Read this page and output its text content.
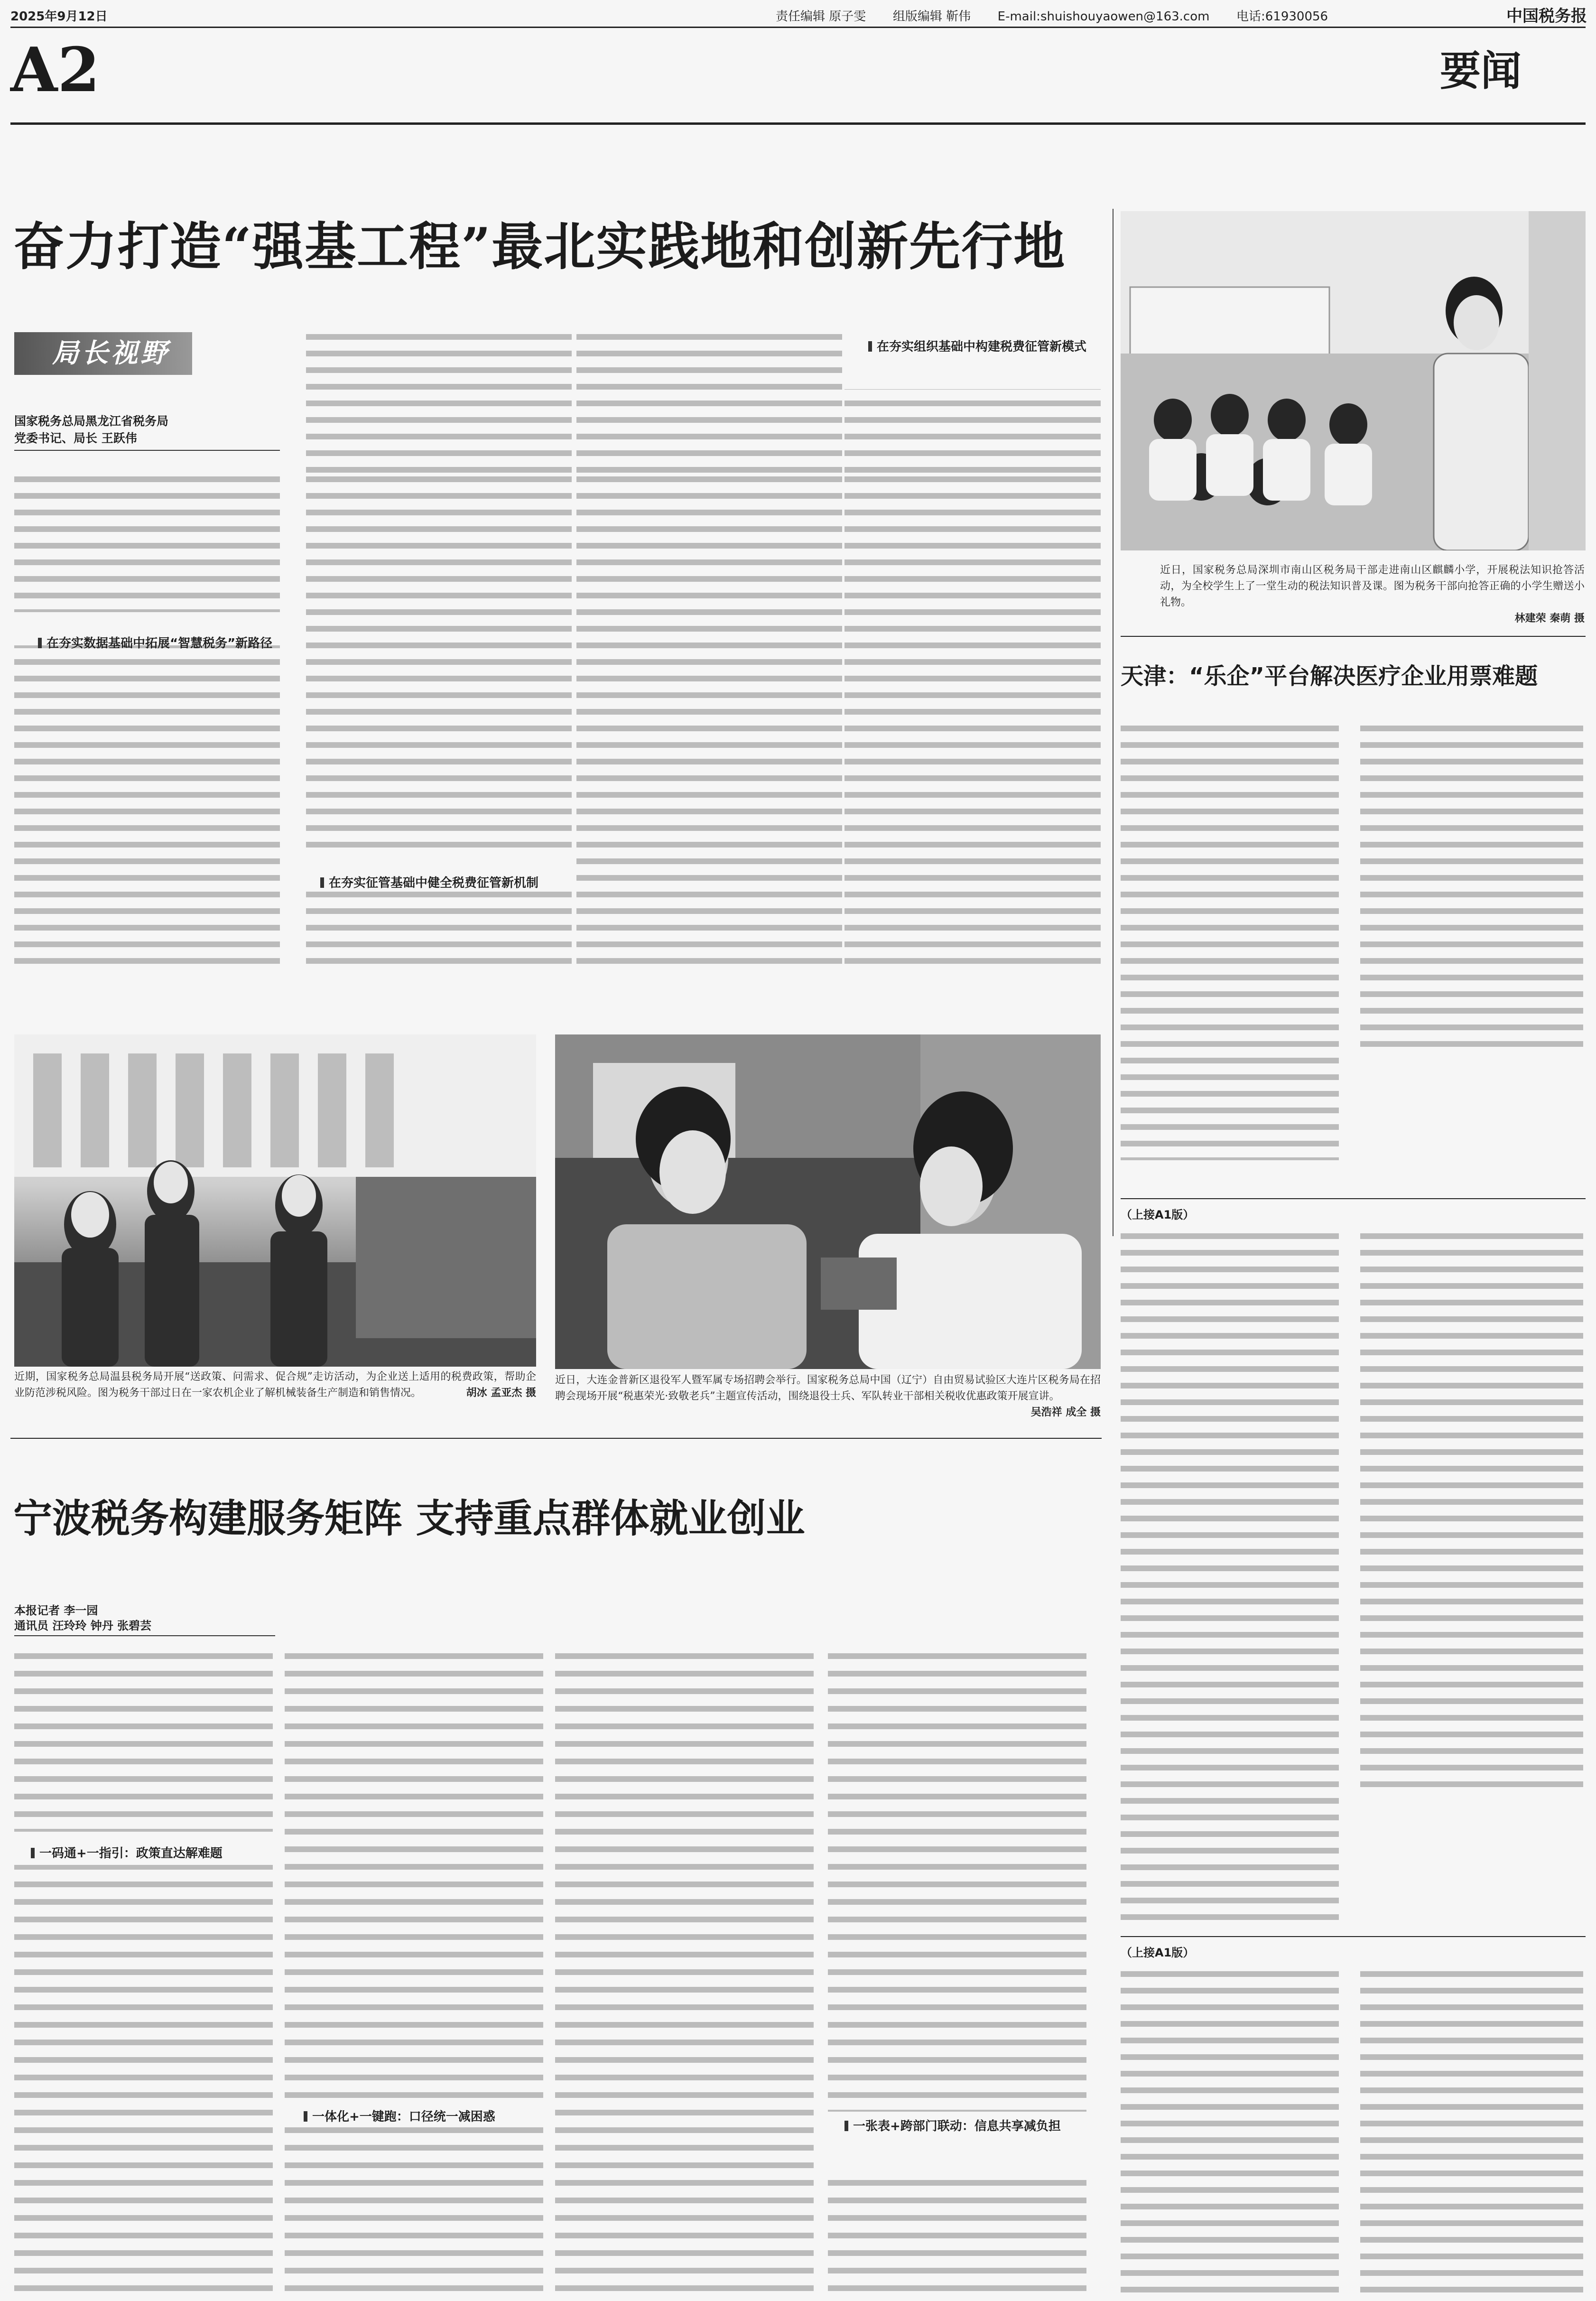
2025年9月12日	责任编辑 原子雯 组版编辑 靳伟 E-mail:shuishouyaowen@163.com 电话:61930056	中国税务报
A2	要闻
奋力打造“强基工程”最北实践地和创新先行地
局长视野
国家税务总局黑龙江省税务局
党委书记、局长 王跃伟
在夯实数据基础中拓展“智慧税务”新路径
在夯实征管基础中健全税费征管新机制
在夯实组织基础中构建税费征管新模式
近期，国家税务总局温县税务局开展“送政策、问需求、促合规”走访活动，为企业送上适用的税费政策，帮助企业防范涉税风险。图为税务干部过日在一家农机企业了解机械装备生产制造和销售情况。	胡冰 孟亚杰 摄
近日，大连金普新区退役军人暨军属专场招聘会举行。国家税务总局中国（辽宁）自由贸易试验区大连片区税务局在招聘会现场开展“税惠荣光·致敬老兵”主题宣传活动，围绕退役士兵、军队转业干部相关税收优惠政策开展宣讲。
吴浩祥 成全 摄
宁波税务构建服务矩阵 支持重点群体就业创业
本报记者 李一园
通讯员 汪玲玲 钟丹 张碧芸
一码通+一指引：政策直达解难题
一体化+一键跑：口径统一减困惑
一张表+跨部门联动：信息共享减负担
近日，国家税务总局深圳市南山区税务局干部走进南山区麒麟小学，开展税法知识抢答活动，为全校学生上了一堂生动的税法知识普及课。图为税务干部向抢答正确的小学生赠送小礼物。
林建荣 秦萌 摄
天津：“乐企”平台解决医疗企业用票难题
（上接A1版）
（上接A1版）
